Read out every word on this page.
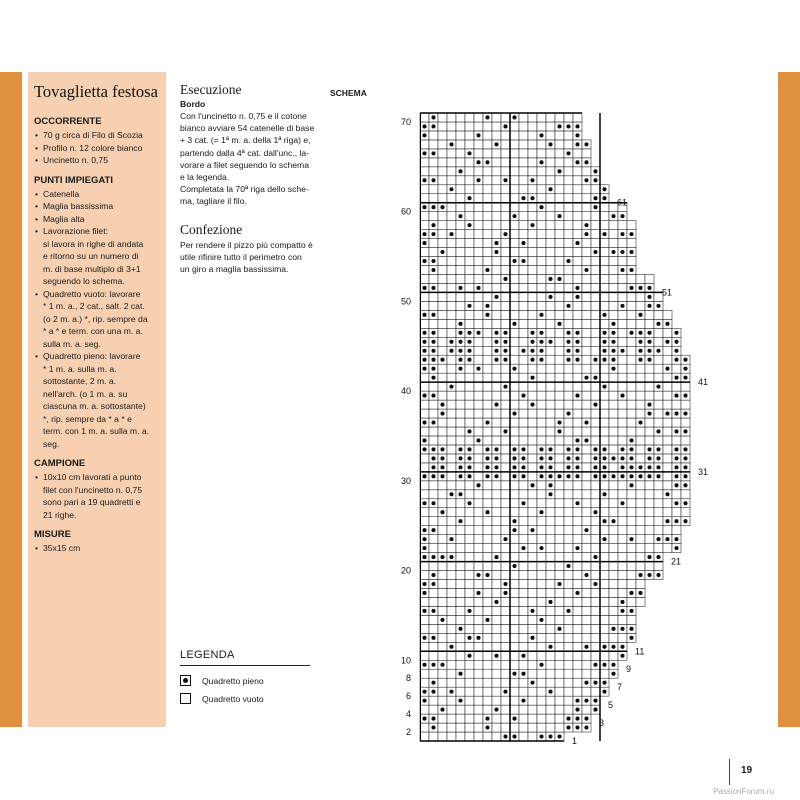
Tovaglietta festosa
OCCORRENTE
• 70 g circa di Filo di Scozia
• Profilo n. 12 colore bianco
• Uncinetto n. 0,75
PUNTI IMPIEGATI
• Catenella
• Maglia bassissima
• Maglia alta
• Lavorazione filet:
si lavora in righe di andata
e ritorno su un numero di
m. di base multiplo di 3+1
seguendo lo schema.
• Quadretto vuoto: lavorare
* 1 m. a., 2 cat., salt. 2 cat.
(o 2 m. a.) *, rip. sempre da
* a * e term. con una m. a.
sulla m. a. seg.
• Quadretto pieno: lavorare
* 1 m. a. sulla m. a.
sottostante, 2 m. a.
nell'arch. (o 1 m. a. su
ciascuna m. a. sottostante)
*, rip. sempre da * a * e
term. con 1 m. a. sulla m. a.
seg.
CAMPIONE
• 10x10 cm lavorati a punto
filet con l'uncinetto n. 0,75
sono pari a 19 quadretti e
21 righe.
MISURE
• 35x15 cm
Esecuzione
Bordo
Con l'uncinetto n. 0,75 e il cotone
bianco avviare 54 catenelle di base
+ 3 cat. (= 1ª m. a. della 1ª riga) e,
partendo dalla 4ª cat. dall'unc., la-
vorare a filet seguendo lo schema
e la legenda.
Completata la 70ª riga dello sche-
ma, tagliare il filo.
Confezione
Per rendere il pizzo più compatto è
utile rifinire tutto il perimetro con
un giro a maglia bassissima.
SCHEMA
2
4
6
8
10
20
30
40
50
60
70
1
3
5
7
9
11
21
31
41
51
61
LEGENDA
Quadretto pieno
Quadretto vuoto
19
PassionForum.ru
